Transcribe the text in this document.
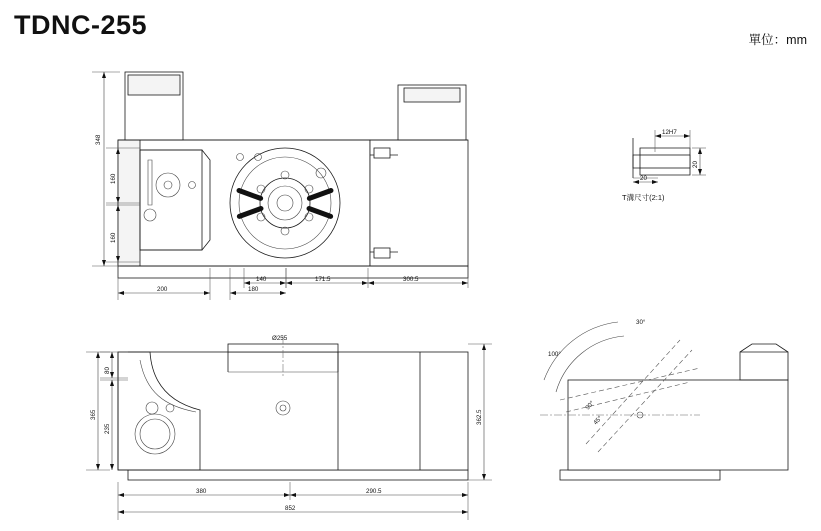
TDNC-255	單位：mm
348
160
160
200
140
180
171.5	300.5
12H7
20
20
T溝尺寸(2:1)
Ø255
80
365
235
362.5
380	290.5
852
30°
100°
45°
90°
